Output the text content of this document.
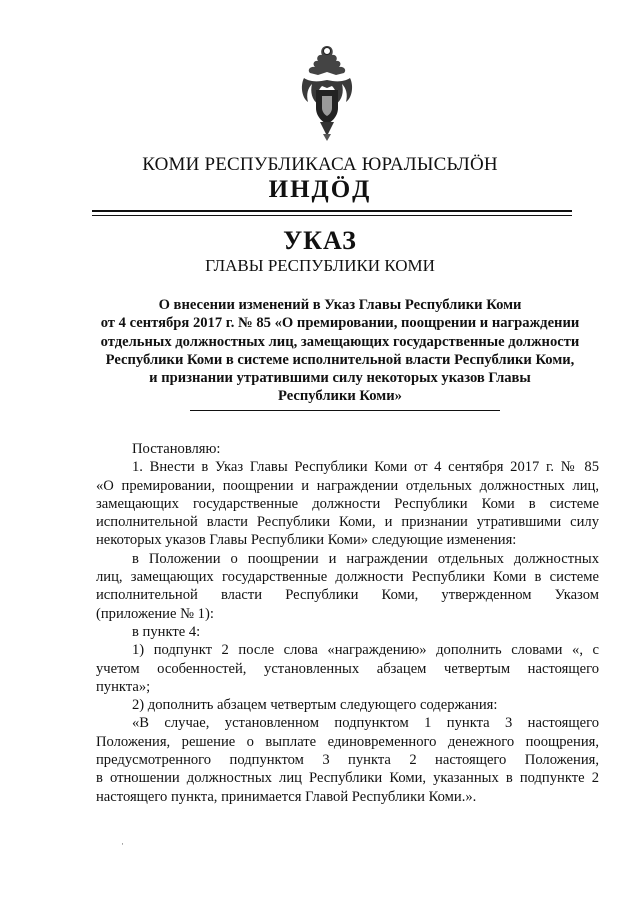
КОМИ РЕСПУБЛИКАСА ЮРАЛЫСЬЛÖН
ИНДÖД
УКАЗ
ГЛАВЫ РЕСПУБЛИКИ КОМИ
О внесении изменений в Указ Главы Республики Коми
от 4 сентября 2017 г. № 85 «О премировании, поощрении и награждении
отдельных должностных лиц, замещающих государственные должности
Республики Коми в системе исполнительной власти Республики Коми,
и признании утратившими силу некоторых указов Главы
Республики Коми»
Постановляю:
1. Внести в Указ Главы Республики Коми от 4 сентября 2017 г. № 85
«О премировании, поощрении и награждении отдельных должностных лиц,
замещающих государственные должности Республики Коми в системе
исполнительной власти Республики Коми, и признании утратившими силу
некоторых указов Главы Республики Коми» следующие изменения:
в Положении о поощрении и награждении отдельных должностных
лиц, замещающих государственные должности Республики Коми в системе
исполнительной власти Республики Коми, утвержденном Указом
(приложение № 1):
в пункте 4:
1) подпункт 2 после слова «награждению» дополнить словами «, с
учетом особенностей, установленных абзацем четвертым настоящего
пункта»;
2) дополнить абзацем четвертым следующего содержания:
«В случае, установленном подпунктом 1 пункта 3 настоящего
Положения, решение о выплате единовременного денежного поощрения,
предусмотренного подпунктом 3 пункта 2 настоящего Положения,
в отношении должностных лиц Республики Коми, указанных в подпункте 2
настоящего пункта, принимается Главой Республики Коми.».
·
